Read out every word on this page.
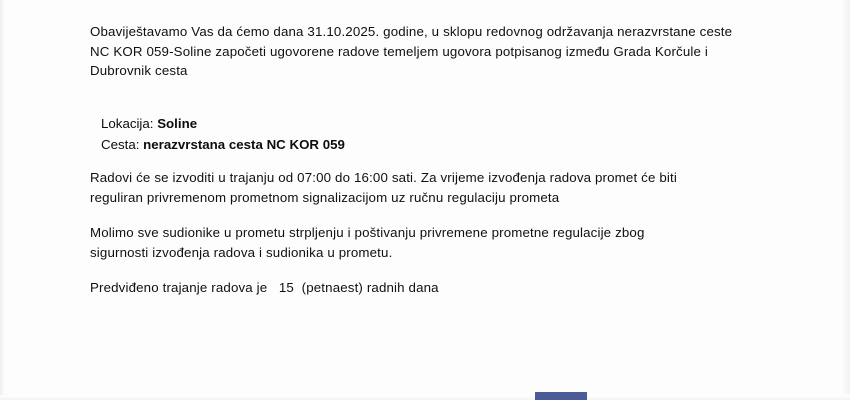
Obaviještavamo Vas da ćemo dana 31.10.2025. godine, u sklopu redovnog održavanja nerazvrstane ceste
NC KOR 059-Soline započeti ugovorene radove temeljem ugovora potpisanog između Grada Korčule i
Dubrovnik cesta
Lokacija: Soline
Cesta: nerazvrstana cesta NC KOR 059
Radovi će se izvoditi u trajanju od 07:00 do 16:00 sati. Za vrijeme izvođenja radova promet će biti
reguliran privremenom prometnom signalizacijom uz ručnu regulaciju prometa
Molimo sve sudionike u prometu strpljenju i poštivanju privremene prometne regulacije zbog
sigurnosti izvođenja radova i sudionika u prometu.
Predviđeno trajanje radova je   15  (petnaest) radnih dana
